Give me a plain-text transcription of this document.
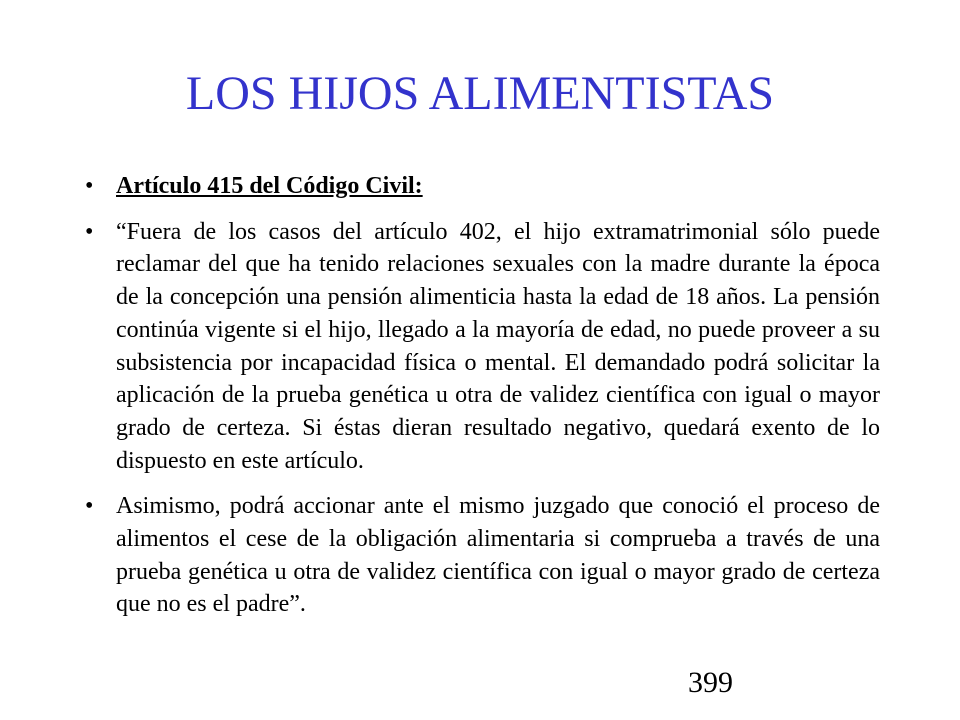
LOS HIJOS ALIMENTISTAS
• Artículo 415 del Código Civil:
• “Fuera de los casos del artículo 402, el hijo extramatrimonial sólo puede reclamar del que ha tenido relaciones sexuales con la madre durante la época de la concepción una pensión alimenticia hasta la edad de 18 años. La pensión continúa vigente si el hijo, llegado a la mayoría de edad, no puede proveer a su subsistencia por incapacidad física o mental. El demandado podrá solicitar la aplicación de la prueba genética u otra de validez científica con igual o mayor grado de certeza. Si éstas dieran resultado negativo, quedará exento de lo dispuesto en este artículo.
• Asimismo, podrá accionar ante el mismo juzgado que conoció el proceso de alimentos el cese de la obligación alimentaria si comprueba a través de una prueba genética u otra de validez científica con igual o mayor grado de certeza que no es el padre”.
399
